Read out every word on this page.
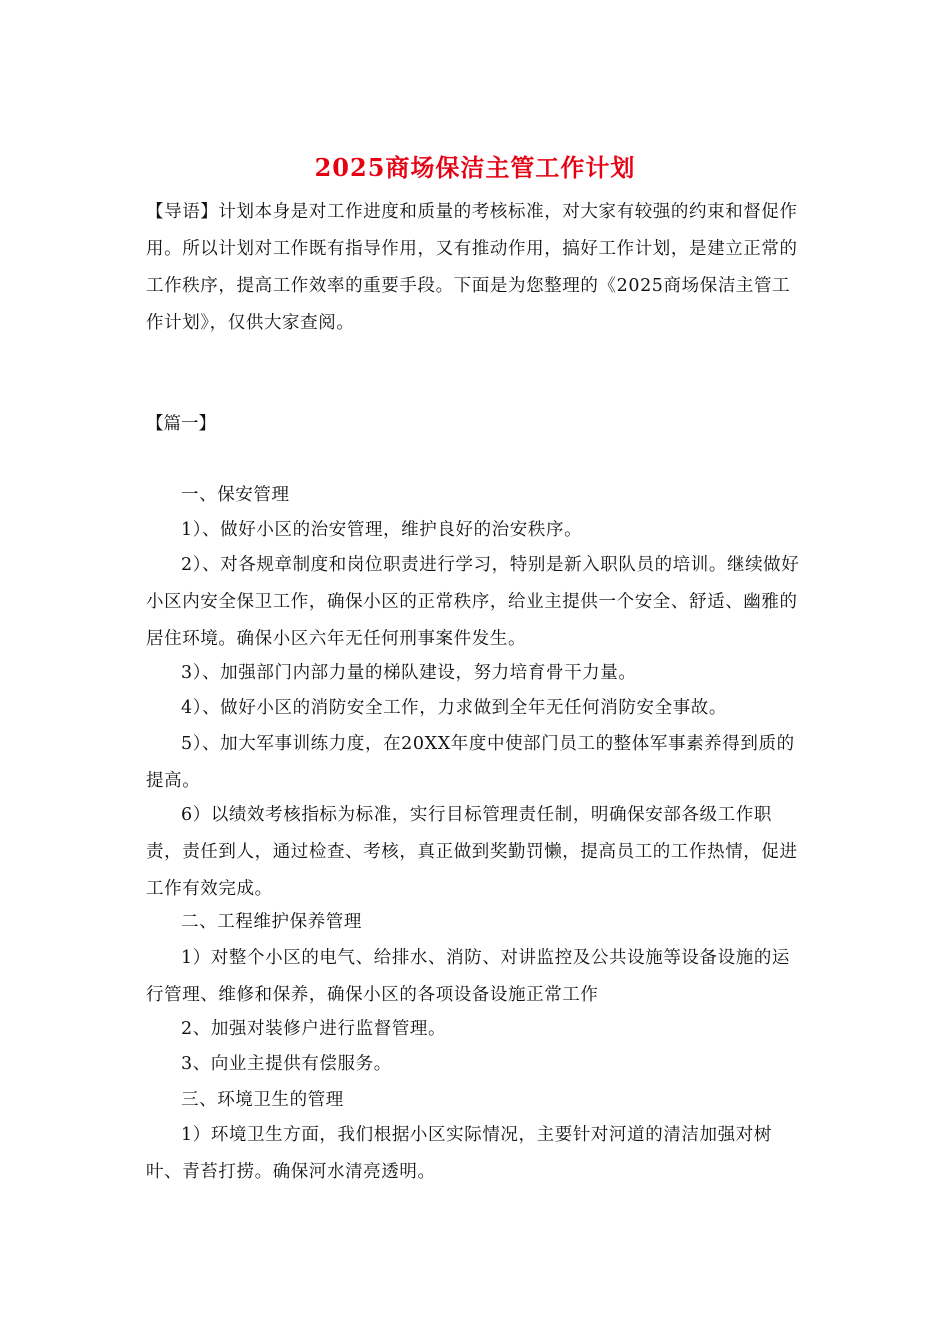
2025商场保洁主管工作计划
【导语】计划本身是对工作进度和质量的考核标准，对大家有较强的约束和督促作用。所以计划对工作既有指导作用，又有推动作用，搞好工作计划，是建立正常的工作秩序，提高工作效率的重要手段。下面是为您整理的《2025商场保洁主管工作计划》，仅供大家查阅。
【篇一】
一、保安管理
1）、做好小区的治安管理，维护良好的治安秩序。
2）、对各规章制度和岗位职责进行学习，特别是新入职队员的培训。继续做好小区内安全保卫工作，确保小区的正常秩序，给业主提供一个安全、舒适、幽雅的居住环境。确保小区六年无任何刑事案件发生。
3）、加强部门内部力量的梯队建设，努力培育骨干力量。
4）、做好小区的消防安全工作，力求做到全年无任何消防安全事故。
5）、加大军事训练力度，在20XX年度中使部门员工的整体军事素养得到质的提高。
6）以绩效考核指标为标准，实行目标管理责任制，明确保安部各级工作职责，责任到人，通过检查、考核，真正做到奖勤罚懒，提高员工的工作热情，促进工作有效完成。
二、工程维护保养管理
1）对整个小区的电气、给排水、消防、对讲监控及公共设施等设备设施的运行管理、维修和保养，确保小区的各项设备设施正常工作
2、加强对装修户进行监督管理。
3、向业主提供有偿服务。
三、环境卫生的管理
1）环境卫生方面，我们根据小区实际情况，主要针对河道的清洁加强对树叶、青苔打捞。确保河水清亮透明。
